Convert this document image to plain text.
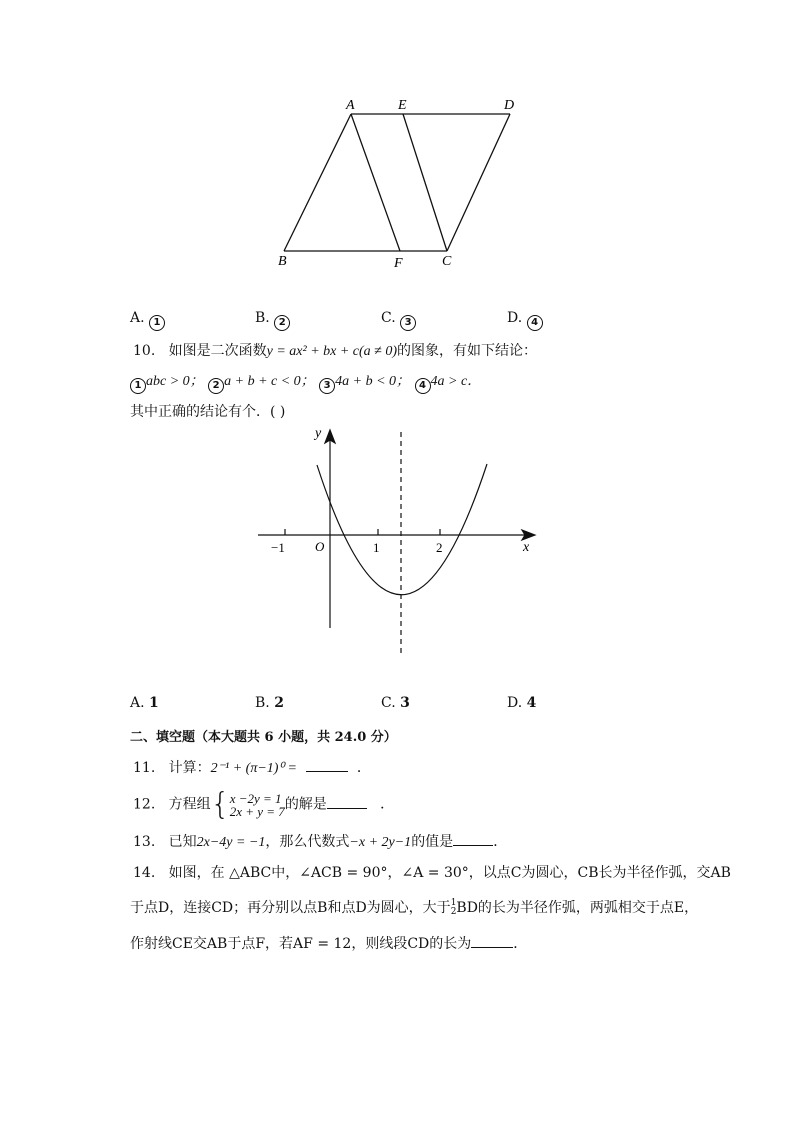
A	E	D
B	F	C
A. 1	B. 2	C. 3	D. 4
10. 如图是二次函数y = ax² + bx + c(a ≠ 0)的图象，有如下结论：
1 abc > 0； 2 a + b + c < 0； 3 4a + b < 0； 4 4a > c．
其中正确的结论有个．( )
y
x
O
−1	1	2
A. 1	B. 2	C. 3	D. 4
二、填空题（本大题共 6 小题，共 24.0 分）
11. 计算：2⁻¹ + (π−1)⁰ =	．
12. 方程组{x −2y = 1
2x + y = 7的解是	．
13. 已知2x−4y = −1，那么代数式−x + 2y−1的值是	．
14. 如图，在 △ABC中，∠ACB = 90°，∠A = 30°，以点C为圆心，CB长为半径作弧，交AB
于点D，连接CD；再分别以点B和点D为圆心，大于1
2BD的长为半径作弧，两弧相交于点E，
作射线CE交AB于点F，若AF = 12，则线段CD的长为	．
